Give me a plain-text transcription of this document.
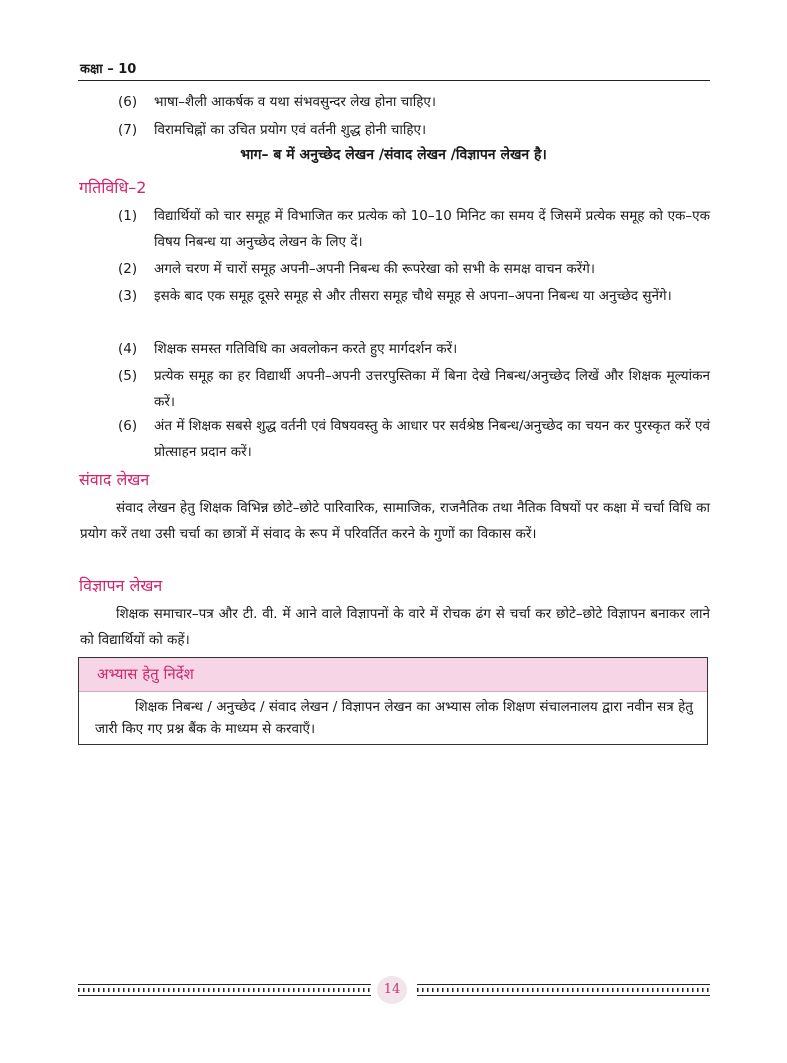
कक्षा – 10
(6)	भाषा–शैली आकर्षक व यथा संभवसुन्दर लेख होना चाहिए।
(7)	विरामचिह्नों का उचित प्रयोग एवं वर्तनी शुद्ध होनी चाहिए।
भाग– ब में अनुच्छेद लेखन /संवाद लेखन /विज्ञापन लेखन है।
गतिविधि–2
(1)	विद्यार्थियों को चार समूह में विभाजित कर प्रत्येक को 10–10 मिनिट का समय दें जिसमें प्रत्येक समूह को एक–एक विषय निबन्ध या अनुच्छेद लेखन के लिए दें।
(2)	अगले चरण में चारों समूह अपनी–अपनी निबन्ध की रूपरेखा को सभी के समक्ष वाचन करेंगे।
(3)	इसके बाद एक समूह दूसरे समूह से और तीसरा समूह चौथे समूह से अपना–अपना निबन्ध या अनुच्छेद सुनेंगे।
(4)	शिक्षक समस्त गतिविधि का अवलोकन करते हुए मार्गदर्शन करें।
(5)	प्रत्येक समूह का हर विद्यार्थी अपनी–अपनी उत्तरपुस्तिका में बिना देखे निबन्ध/अनुच्छेद लिखें और शिक्षक मूल्यांकन करें।
(6)	अंत में शिक्षक सबसे शुद्ध वर्तनी एवं विषयवस्तु के आधार पर सर्वश्रेष्ठ निबन्ध/अनुच्छेद का चयन कर पुरस्कृत करें एवं प्रोत्साहन प्रदान करें।
संवाद लेखन
संवाद लेखन हेतु शिक्षक विभिन्न छोटे–छोटे पारिवारिक, सामाजिक, राजनैतिक तथा नैतिक विषयों पर कक्षा में चर्चा विधि का प्रयोग करें तथा उसी चर्चा का छात्रों में संवाद के रूप में परिवर्तित करने के गुणों का विकास करें।
विज्ञापन लेखन
शिक्षक समाचार–पत्र और टी. वी. में आने वाले विज्ञापनों के वारे में रोचक ढंग से चर्चा कर छोटे–छोटे विज्ञापन बनाकर लाने को विद्यार्थियों को कहें।
अभ्यास हेतु निर्देश
शिक्षक निबन्ध / अनुच्छेद / संवाद लेखन / विज्ञापन लेखन का अभ्यास लोक शिक्षण संचालनालय द्वारा नवीन सत्र हेतु जारी किए गए प्रश्न बैंक के माध्यम से करवाएँ।
14
